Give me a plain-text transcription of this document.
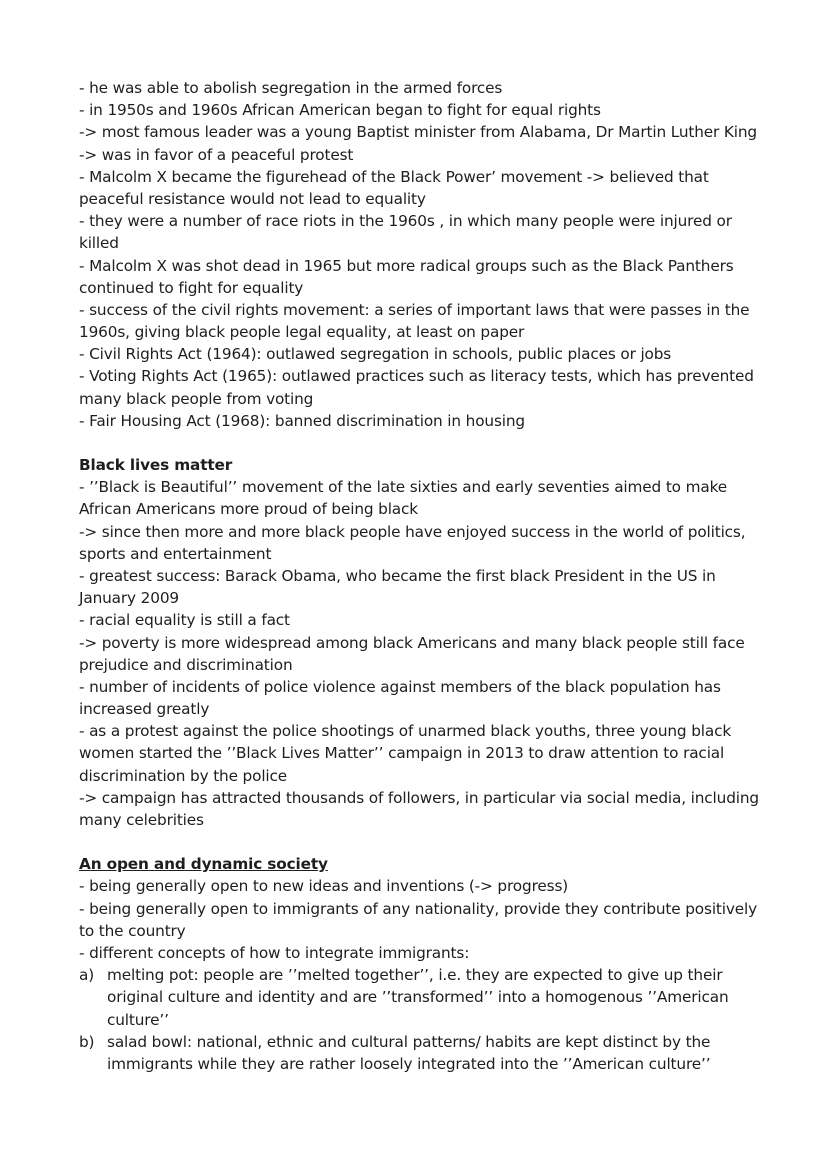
- he was able to abolish segregation in the armed forces
- in 1950s and 1960s African American began to fight for equal rights
-> most famous leader was a young Baptist minister from Alabama, Dr Martin Luther King
-> was in favor of a peaceful protest
- Malcolm X became the figurehead of the Black Power’ movement -> believed that
peaceful resistance would not lead to equality
- they were a number of race riots in the 1960s , in which many people were injured or
killed
- Malcolm X was shot dead in 1965 but more radical groups such as the Black Panthers
continued to fight for equality
- success of the civil rights movement: a series of important laws that were passes in the
1960s, giving black people legal equality, at least on paper
- Civil Rights Act (1964): outlawed segregation in schools, public places or jobs
- Voting Rights Act (1965): outlawed practices such as literacy tests, which has prevented
many black people from voting
- Fair Housing Act (1968): banned discrimination in housing
Black lives matter
- ’’Black is Beautiful’’ movement of the late sixties and early seventies aimed to make
African Americans more proud of being black
-> since then more and more black people have enjoyed success in the world of politics,
sports and entertainment
- greatest success: Barack Obama, who became the first black President in the US in
January 2009
- racial equality is still a fact
-> poverty is more widespread among black Americans and many black people still face
prejudice and discrimination
- number of incidents of police violence against members of the black population has
increased greatly
- as a protest against the police shootings of unarmed black youths, three young black
women started the ’’Black Lives Matter’’ campaign in 2013 to draw attention to racial
discrimination by the police
-> campaign has attracted thousands of followers, in particular via social media, including
many celebrities
An open and dynamic society
- being generally open to new ideas and inventions (-> progress)
- being generally open to immigrants of any nationality, provide they contribute positively
to the country
- different concepts of how to integrate immigrants:
a) melting pot: people are ’’melted together’’, i.e. they are expected to give up their
original culture and identity and are ’’transformed’’ into a homogenous ’’American
culture’’
b) salad bowl: national, ethnic and cultural patterns/ habits are kept distinct by the
immigrants while they are rather loosely integrated into the ’’American culture’’
